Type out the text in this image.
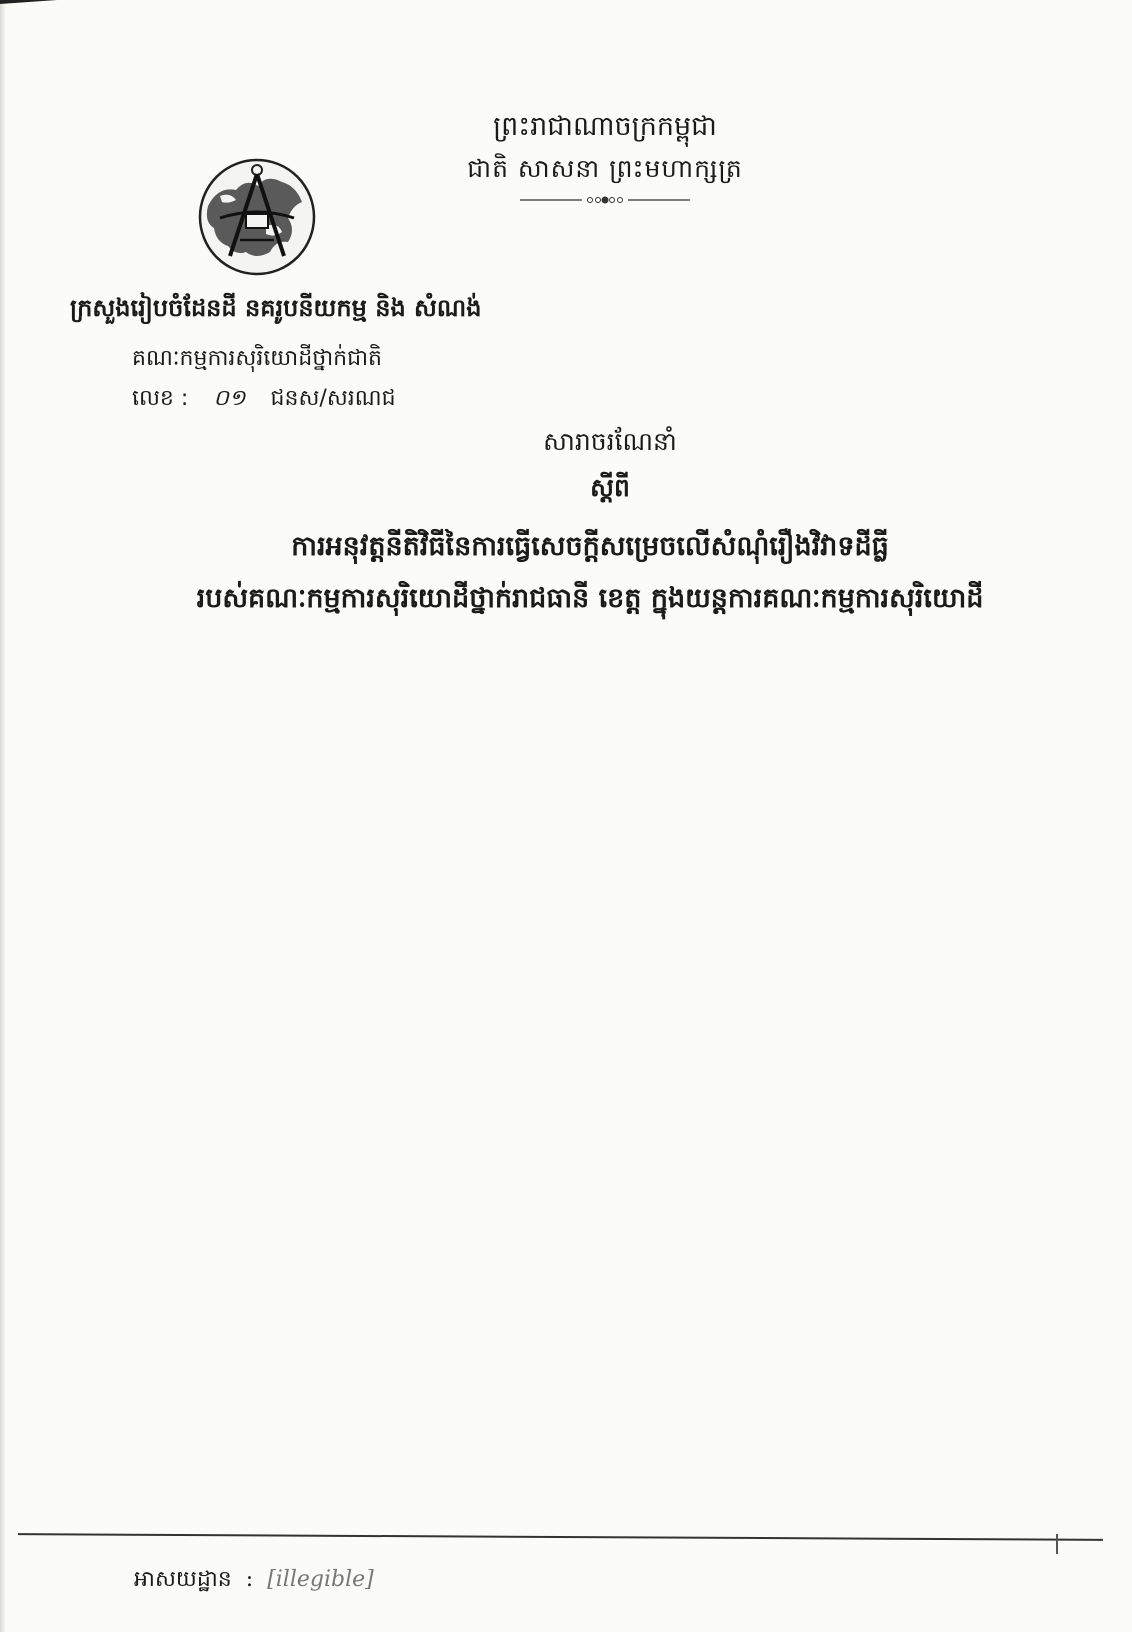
ព្រះរាជាណាចក្រកម្ពុជា
ជាតិ សាសនា ព្រះមហាក្សត្រ
ក្រសួងរៀបចំដែនដី នគរូបនីយកម្ម និង សំណង់
គណៈកម្មការសុរិយោដីថ្នាក់ជាតិ
លេខ : ០១ ជនស/សរណជ
សារាចរណែនាំ
ស្តីពី
ការអនុវត្តនីតិវិធីនៃការធ្វើសេចក្តីសម្រេចលើសំណុំរឿងវិវាទដីធ្លី
របស់គណៈកម្មការសុរិយោដីថ្នាក់រាជធានី ខេត្ត ក្នុងយន្តការគណៈកម្មការសុរិយោដី
អាសយដ្ឋាន : [illegible]
